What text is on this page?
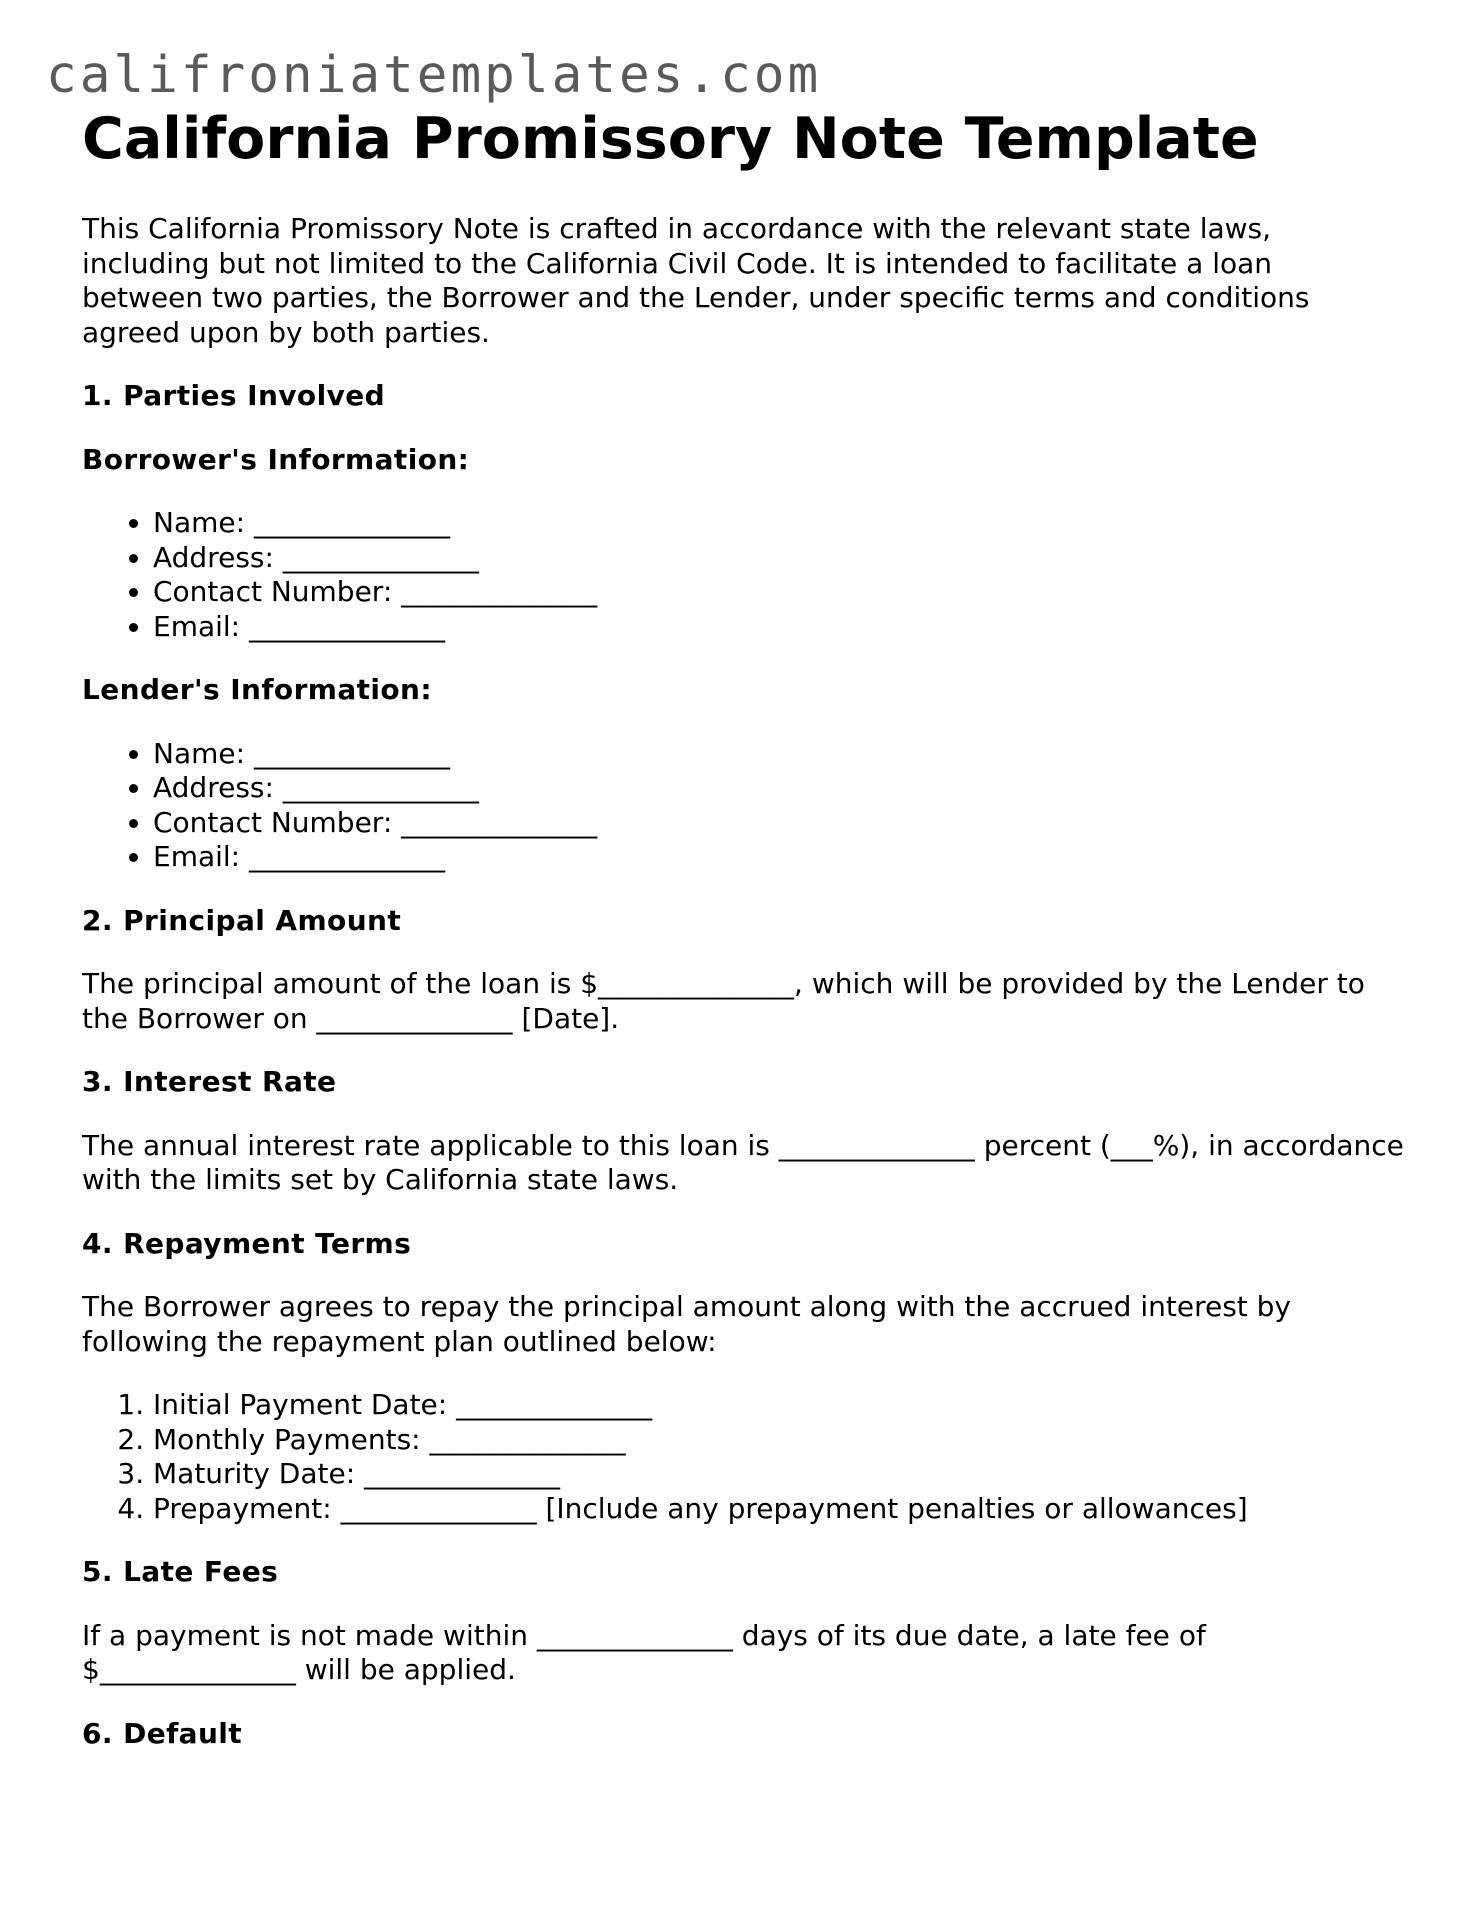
califroniatemplates.com
California Promissory Note Template

This California Promissory Note is crafted in accordance with the relevant state laws, including but not limited to the California Civil Code. It is intended to facilitate a loan between two parties, the Borrower and the Lender, under specific terms and conditions agreed upon by both parties.

1. Parties Involved
Borrower's Information:
• Name: ______________
• Address: ______________
• Contact Number: ______________
• Email: ______________
Lender's Information:
• Name: ______________
• Address: ______________
• Contact Number: ______________
• Email: ______________
2. Principal Amount

The principal amount of the loan is $______________, which will be provided by the Lender to the Borrower on ______________ [Date].

3. Interest Rate

The annual interest rate applicable to this loan is ______________ percent (___%), in accordance with the limits set by California state laws.

4. Repayment Terms

The Borrower agrees to repay the principal amount along with the accrued interest by following the repayment plan outlined below:

1. Initial Payment Date: ______________
2. Monthly Payments: ______________
3. Maturity Date: ______________
4. Prepayment: ______________ [Include any prepayment penalties or allowances]
5. Late Fees

If a payment is not made within ______________ days of its due date, a late fee of $______________ will be applied.

6. Default
